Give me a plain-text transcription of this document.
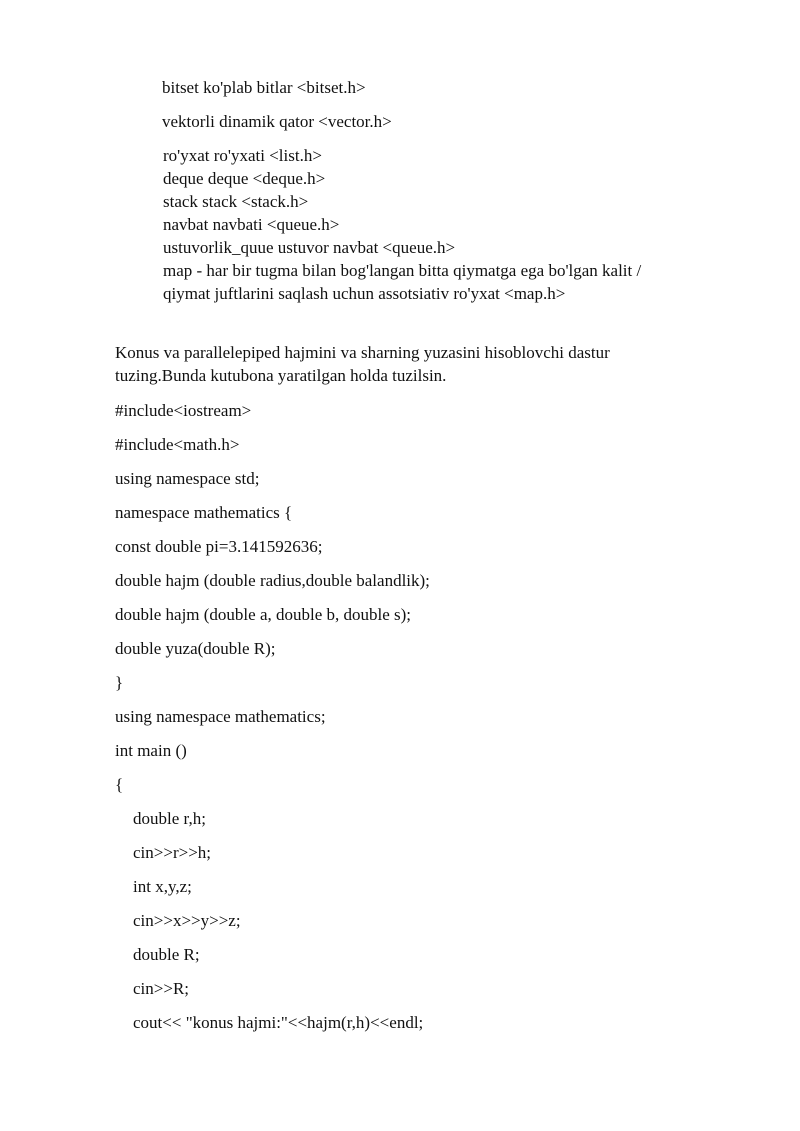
bitset ko'plab bitlar <bitset.h>

vektorli dinamik qator <vector.h>

ro'yxat ro'yxati <list.h>

deque deque <deque.h>

stack stack <stack.h>

navbat navbati <queue.h>

ustuvorlik_quue ustuvor navbat <queue.h>

map - har bir tugma bilan bog'langan bitta qiymatga ega bo'lgan kalit /

qiymat juftlarini saqlash uchun assotsiativ ro'yxat <map.h>

Konus va parallelepiped hajmini va sharning yuzasini hisoblovchi dastur

tuzing.Bunda kutubona yaratilgan holda tuzilsin.

#include<iostream>

#include<math.h>

using namespace std;

namespace mathematics {

const double pi=3.141592636;

double hajm (double radius,double balandlik);

double hajm (double a, double b, double s);

double yuza(double R);

}

using namespace mathematics;

int main ()

{

double r,h;

cin>>r>>h;

int x,y,z;

cin>>x>>y>>z;

double R;

cin>>R;

cout<< "konus hajmi:"<<hajm(r,h)<<endl;
